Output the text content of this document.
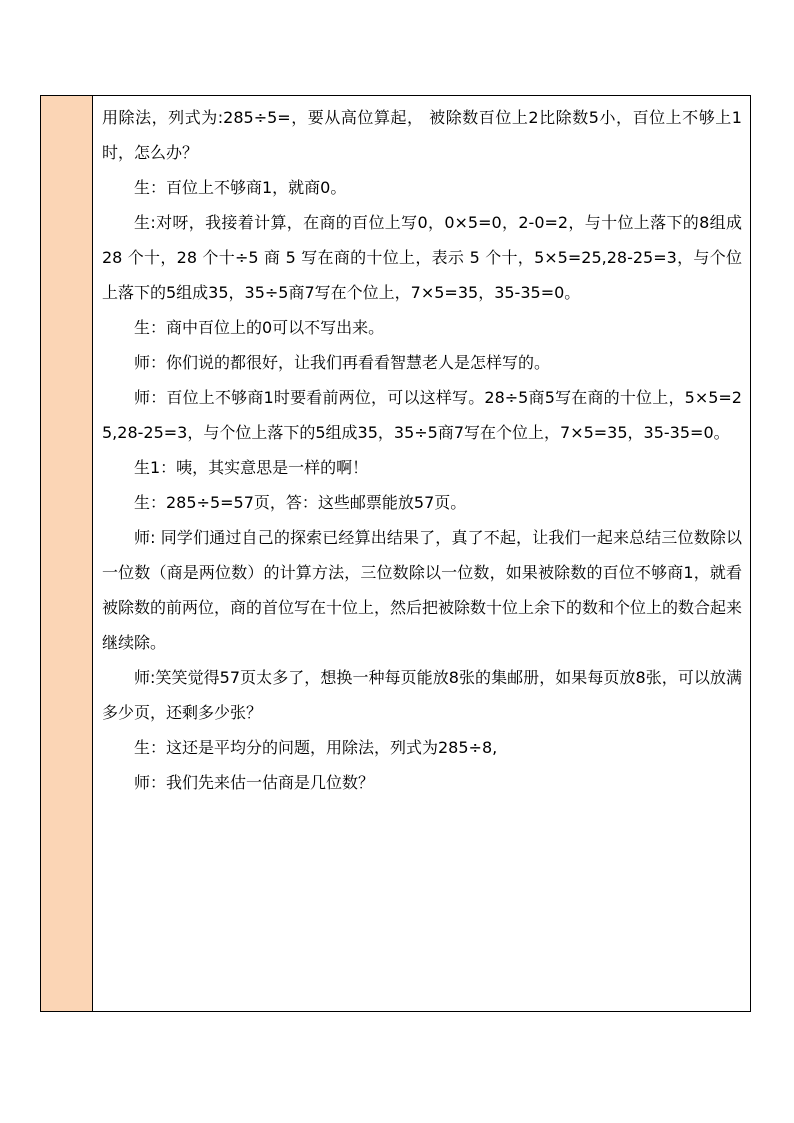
用除法，列式为:285÷5=，要从高位算起， 被除数百位上2比除数5小，百位上不够上1时，怎么办？

生：百位上不够商1，就商0。

生:对呀，我接着计算，在商的百位上写0，0×5=0，2-0=2，与十位上落下的8组成 28 个十，28 个十÷5 商 5 写在商的十位上，表示 5 个十，5×5=25,28-25=3，与个位上落下的5组成35，35÷5商7写在个位上，7×5=35，35-35=0。

生：商中百位上的0可以不写出来。

师：你们说的都很好，让我们再看看智慧老人是怎样写的。

师：百位上不够商1时要看前两位，可以这样写。28÷5商5写在商的十位上，5×5=25,28-25=3，与个位上落下的5组成35，35÷5商7写在个位上，7×5=35，35-35=0。

生1：咦，其实意思是一样的啊！

生：285÷5=57页，答：这些邮票能放57页。

师: 同学们通过自己的探索已经算出结果了，真了不起，让我们一起来总结三位数除以一位数（商是两位数）的计算方法，三位数除以一位数，如果被除数的百位不够商1，就看被除数的前两位，商的首位写在十位上，然后把被除数十位上余下的数和个位上的数合起来继续除。

师:笑笑觉得57页太多了，想换一种每页能放8张的集邮册，如果每页放8张，可以放满多少页，还剩多少张？

生：这还是平均分的问题，用除法，列式为285÷8,

师：我们先来估一估商是几位数？
